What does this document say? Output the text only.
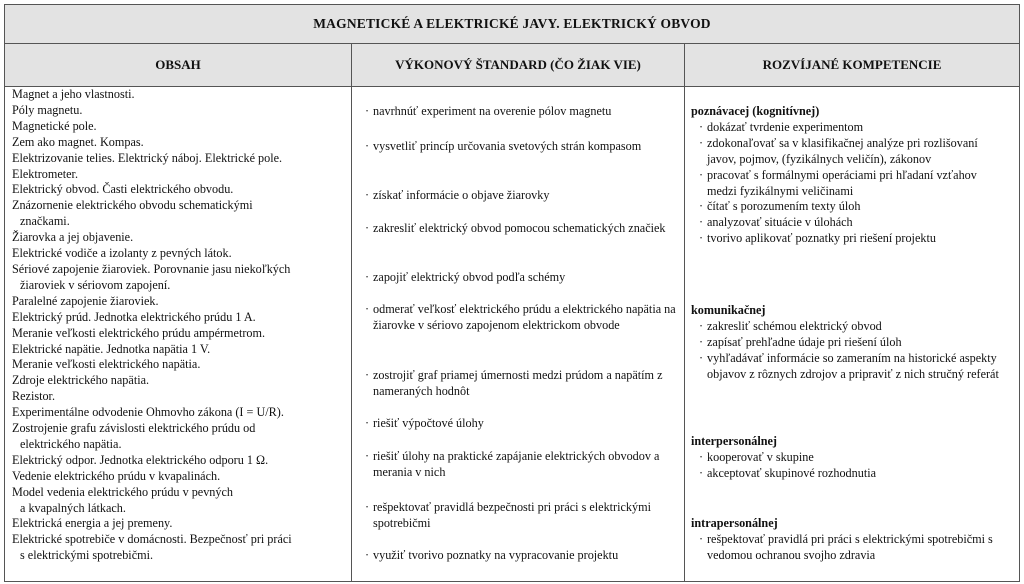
MAGNETICKÉ A ELEKTRICKÉ JAVY. ELEKTRICKÝ OBVOD
OBSAH	VÝKONOVÝ ŠTANDARD (ČO ŽIAK VIE)	ROZVÍJANÉ KOMPETENCIE
Magnet a jeho vlastnosti.
Póly magnetu.
Magnetické pole.
Zem ako magnet. Kompas.
Elektrizovanie telies. Elektrický náboj. Elektrické pole.
Elektrometer.
Elektrický obvod. Časti elektrického obvodu.
Znázornenie elektrického obvodu schematickými
značkami.
Žiarovka a jej objavenie.
Elektrické vodiče a izolanty z pevných látok.
Sériové zapojenie žiaroviek. Porovnanie jasu niekoľkých
žiaroviek v sériovom zapojení.
Paralelné zapojenie žiaroviek.
Elektrický prúd. Jednotka elektrického prúdu 1 A.
Meranie veľkosti elektrického prúdu ampérmetrom.
Elektrické napätie. Jednotka napätia 1 V.
Meranie veľkosti elektrického napätia.
Zdroje elektrického napätia.
Rezistor.
Experimentálne odvodenie Ohmovho zákona (I = U/R).
Zostrojenie grafu závislosti elektrického prúdu od
elektrického napätia.
Elektrický odpor. Jednotka elektrického odporu 1 Ω.
Vedenie elektrického prúdu v kvapalinách.
Model vedenia elektrického prúdu v pevných
a kvapalných látkach.
Elektrická energia a jej premeny.
Elektrické spotrebiče v domácnosti. Bezpečnosť pri práci
s elektrickými spotrebičmi.
· navrhnúť experiment na overenie pólov magnetu
· vysvetliť princíp určovania svetových strán kompasom
· získať informácie o objave žiarovky
· zakresliť elektrický obvod pomocou schematických značiek
· zapojiť elektrický obvod podľa schémy
· odmerať veľkosť elektrického prúdu a elektrického napätia na žiarovke v sériovo zapojenom elektrickom obvode
· zostrojiť graf priamej úmernosti medzi prúdom a napätím z nameraných hodnôt
· riešiť výpočtové úlohy
· riešiť úlohy na praktické zapájanie elektrických obvodov a merania v nich
· rešpektovať pravidlá bezpečnosti pri práci s elektrickými spotrebičmi
· využiť tvorivo poznatky na vypracovanie projektu
poznávacej (kognitívnej)
· dokázať tvrdenie experimentom
· zdokonaľovať sa v klasifikačnej analýze pri rozlišovaní javov, pojmov, (fyzikálnych veličín), zákonov
· pracovať s formálnymi operáciami pri hľadaní vzťahov medzi fyzikálnymi veličinami
· čítať s porozumením texty úloh
· analyzovať situácie v úlohách
· tvorivo aplikovať poznatky pri riešení projektu
komunikačnej
· zakresliť schémou elektrický obvod
· zapísať prehľadne údaje pri riešení úloh
· vyhľadávať informácie so zameraním na historické aspekty objavov z rôznych zdrojov a pripraviť z nich stručný referát
interpersonálnej
· kooperovať v skupine
· akceptovať skupinové rozhodnutia
intrapersonálnej
· rešpektovať pravidlá pri práci s elektrickými spotrebičmi s vedomou ochranou svojho zdravia
